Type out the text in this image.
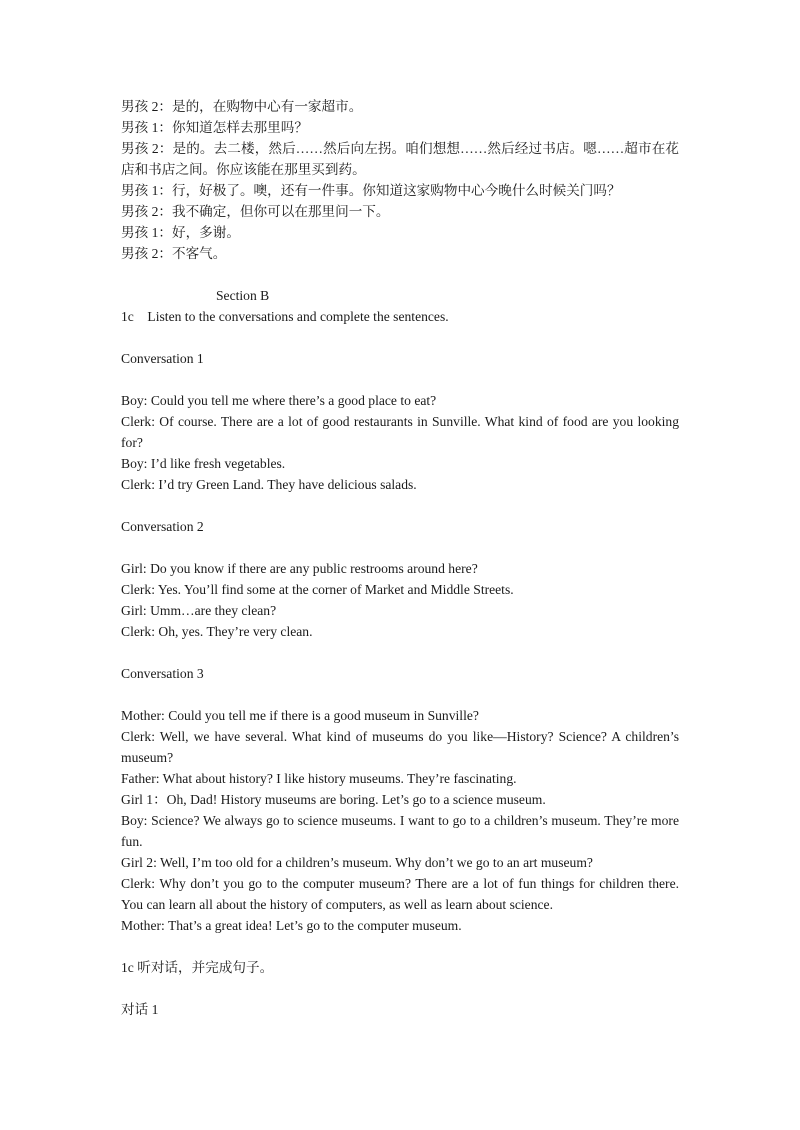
男孩 2：是的，在购物中心有一家超市。

男孩 1：你知道怎样去那里吗？

男孩 2：是的。去二楼，然后……然后向左拐。咱们想想……然后经过书店。嗯……超市在花店和书店之间。你应该能在那里买到药。

男孩 1：行，好极了。噢，还有一件事。你知道这家购物中心今晚什么时候关门吗？

男孩 2：我不确定，但你可以在那里问一下。

男孩 1：好，多谢。

男孩 2：不客气。

Section B

1c    Listen to the conversations and complete the sentences.

Conversation 1

Boy: Could you tell me where there’s a good place to eat?

Clerk: Of course. There are a lot of good restaurants in Sunville. What kind of food are you looking for?

Boy: I’d like fresh vegetables.

Clerk: I’d try Green Land. They have delicious salads.

Conversation 2

Girl: Do you know if there are any public restrooms around here?

Clerk: Yes. You’ll find some at the corner of Market and Middle Streets.

Girl: Umm…are they clean?

Clerk: Oh, yes. They’re very clean.

Conversation 3

Mother: Could you tell me if there is a good museum in Sunville?

Clerk: Well, we have several. What kind of museums do you like—History? Science? A children’s museum?

Father: What about history? I like history museums. They’re fascinating.

Girl 1：Oh, Dad! History museums are boring. Let’s go to a science museum.

Boy: Science? We always go to science museums. I want to go to a children’s museum. They’re more fun.

Girl 2: Well, I’m too old for a children’s museum. Why don’t we go to an art museum?

Clerk: Why don’t you go to the computer museum? There are a lot of fun things for children there. You can learn all about the history of computers, as well as learn about science.

Mother: That’s a great idea! Let’s go to the computer museum.

1c 听对话，并完成句子。

对话 1
